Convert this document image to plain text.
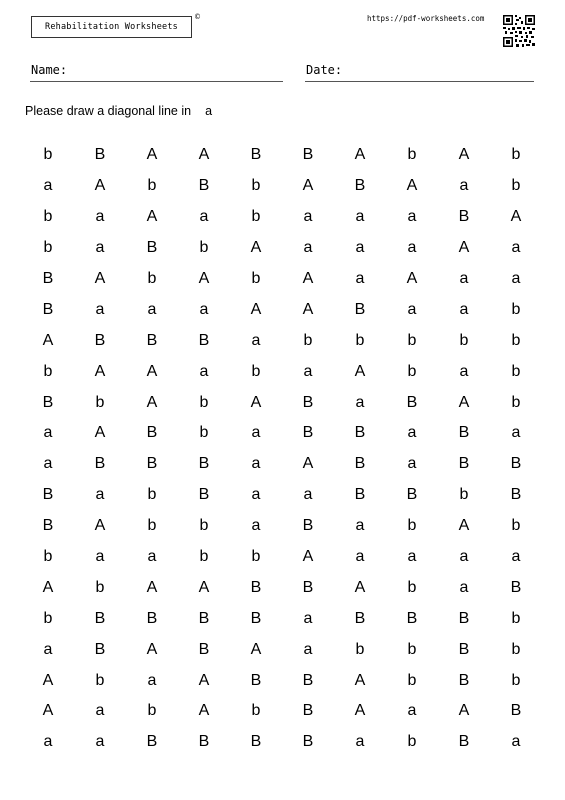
Rehabilitation Worksheets
©	https://pdf-worksheets.com
Name:	Date:
Please draw a diagonal line in a
b	B	A	A	B	B	A	b	A	b
a	A	b	B	b	A	B	A	a	b
b	a	A	a	b	a	a	a	B	A
b	a	B	b	A	a	a	a	A	a
B	A	b	A	b	A	a	A	a	a
B	a	a	a	A	A	B	a	a	b
A	B	B	B	a	b	b	b	b	b
b	A	A	a	b	a	A	b	a	b
B	b	A	b	A	B	a	B	A	b
a	A	B	b	a	B	B	a	B	a
a	B	B	B	a	A	B	a	B	B
B	a	b	B	a	a	B	B	b	B
B	A	b	b	a	B	a	b	A	b
b	a	a	b	b	A	a	a	a	a
A	b	A	A	B	B	A	b	a	B
b	B	B	B	B	a	B	B	B	b
a	B	A	B	A	a	b	b	B	b
A	b	a	A	B	B	A	b	B	b
A	a	b	A	b	B	A	a	A	B
a	a	B	B	B	B	a	b	B	a
